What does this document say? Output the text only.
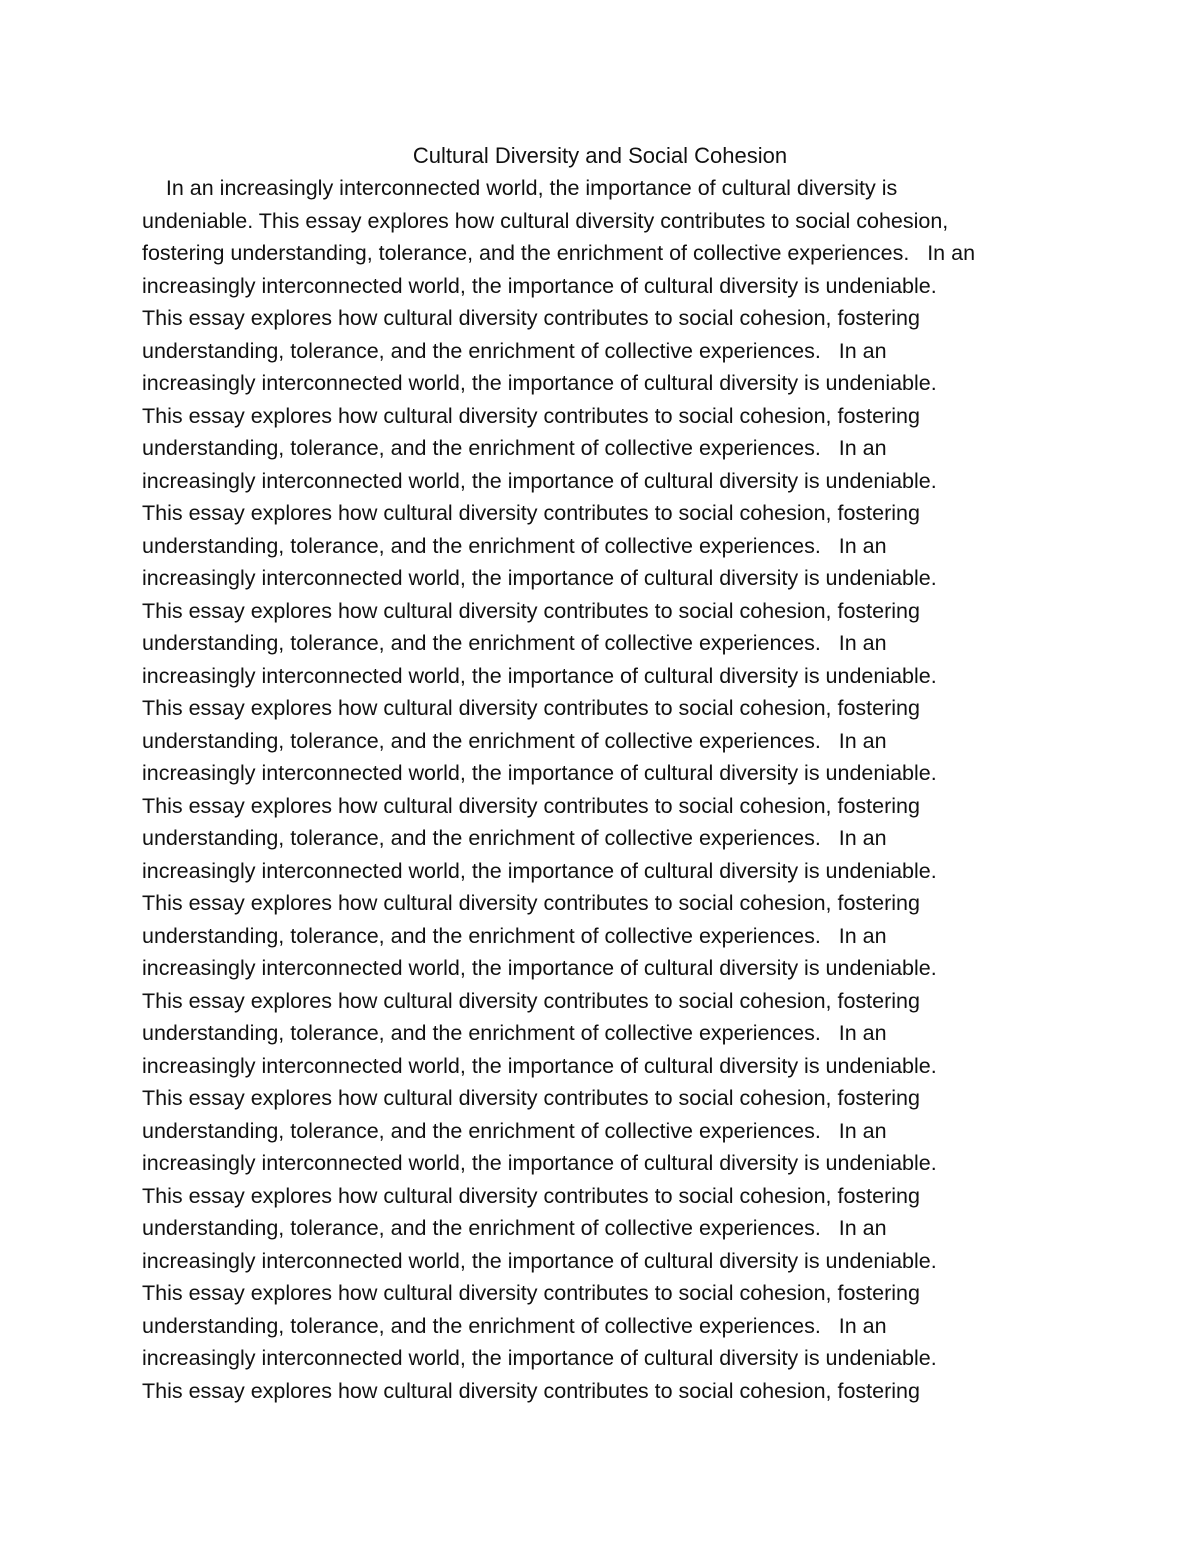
Cultural Diversity and Social Cohesion
In an increasingly interconnected world, the importance of cultural diversity is
undeniable. This essay explores how cultural diversity contributes to social cohesion,
fostering understanding, tolerance, and the enrichment of collective experiences.   In an
increasingly interconnected world, the importance of cultural diversity is undeniable.
This essay explores how cultural diversity contributes to social cohesion, fostering
understanding, tolerance, and the enrichment of collective experiences.   In an
increasingly interconnected world, the importance of cultural diversity is undeniable.
This essay explores how cultural diversity contributes to social cohesion, fostering
understanding, tolerance, and the enrichment of collective experiences.   In an
increasingly interconnected world, the importance of cultural diversity is undeniable.
This essay explores how cultural diversity contributes to social cohesion, fostering
understanding, tolerance, and the enrichment of collective experiences.   In an
increasingly interconnected world, the importance of cultural diversity is undeniable.
This essay explores how cultural diversity contributes to social cohesion, fostering
understanding, tolerance, and the enrichment of collective experiences.   In an
increasingly interconnected world, the importance of cultural diversity is undeniable.
This essay explores how cultural diversity contributes to social cohesion, fostering
understanding, tolerance, and the enrichment of collective experiences.   In an
increasingly interconnected world, the importance of cultural diversity is undeniable.
This essay explores how cultural diversity contributes to social cohesion, fostering
understanding, tolerance, and the enrichment of collective experiences.   In an
increasingly interconnected world, the importance of cultural diversity is undeniable.
This essay explores how cultural diversity contributes to social cohesion, fostering
understanding, tolerance, and the enrichment of collective experiences.   In an
increasingly interconnected world, the importance of cultural diversity is undeniable.
This essay explores how cultural diversity contributes to social cohesion, fostering
understanding, tolerance, and the enrichment of collective experiences.   In an
increasingly interconnected world, the importance of cultural diversity is undeniable.
This essay explores how cultural diversity contributes to social cohesion, fostering
understanding, tolerance, and the enrichment of collective experiences.   In an
increasingly interconnected world, the importance of cultural diversity is undeniable.
This essay explores how cultural diversity contributes to social cohesion, fostering
understanding, tolerance, and the enrichment of collective experiences.   In an
increasingly interconnected world, the importance of cultural diversity is undeniable.
This essay explores how cultural diversity contributes to social cohesion, fostering
understanding, tolerance, and the enrichment of collective experiences.   In an
increasingly interconnected world, the importance of cultural diversity is undeniable.
This essay explores how cultural diversity contributes to social cohesion, fostering
